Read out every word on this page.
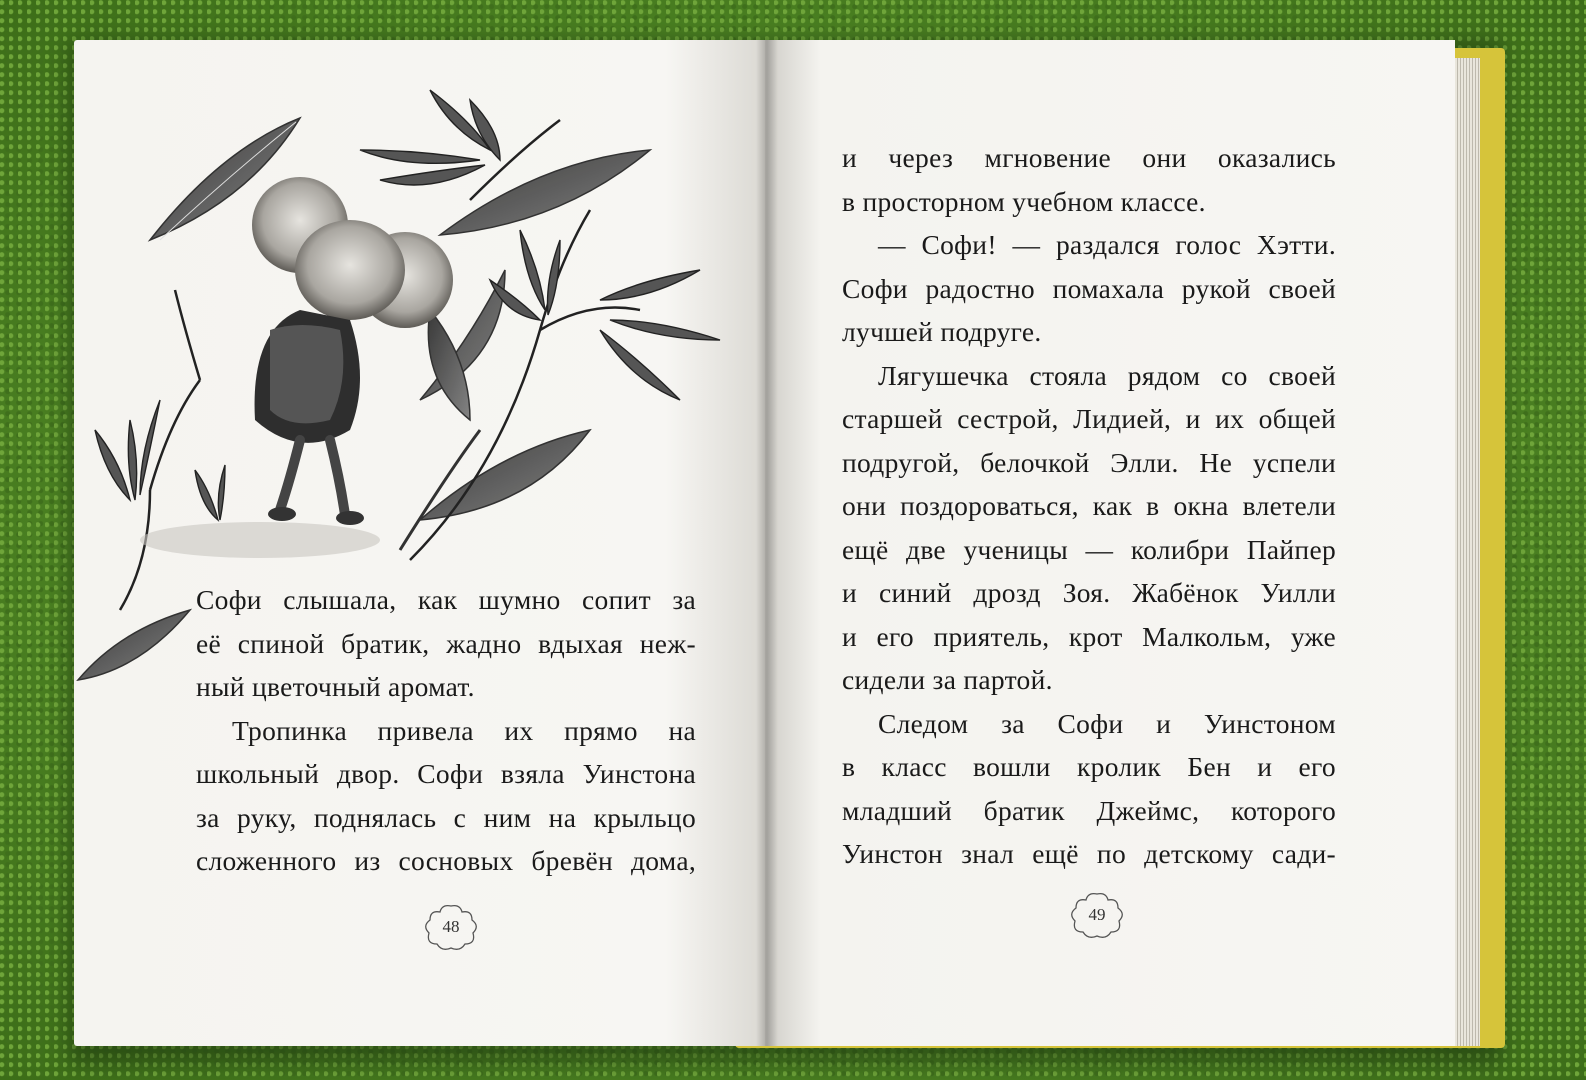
Софи слышала, как шумно сопит за
её спиной братик, жадно вдыхая неж-
ный цветочный аромат.
Тропинка привела их прямо на
школьный двор. Софи взяла Уинстона
за руку, поднялась с ним на крыльцо
сложенного из сосновых бревён дома,
48
и через мгновение они оказались
в просторном учебном классе.
— Софи! — раздался голос Хэтти.
Софи радостно помахала рукой своей
лучшей подруге.
Лягушечка стояла рядом со своей
старшей сестрой, Лидией, и их общей
подругой, белочкой Элли. Не успели
они поздороваться, как в окна влетели
ещё две ученицы — колибри Пайпер
и синий дрозд Зоя. Жабёнок Уилли
и его приятель, крот Малкольм, уже
сидели за партой.
Следом за Софи и Уинстоном
в класс вошли кролик Бен и его
младший братик Джеймс, которого
Уинстон знал ещё по детскому сади-
49
